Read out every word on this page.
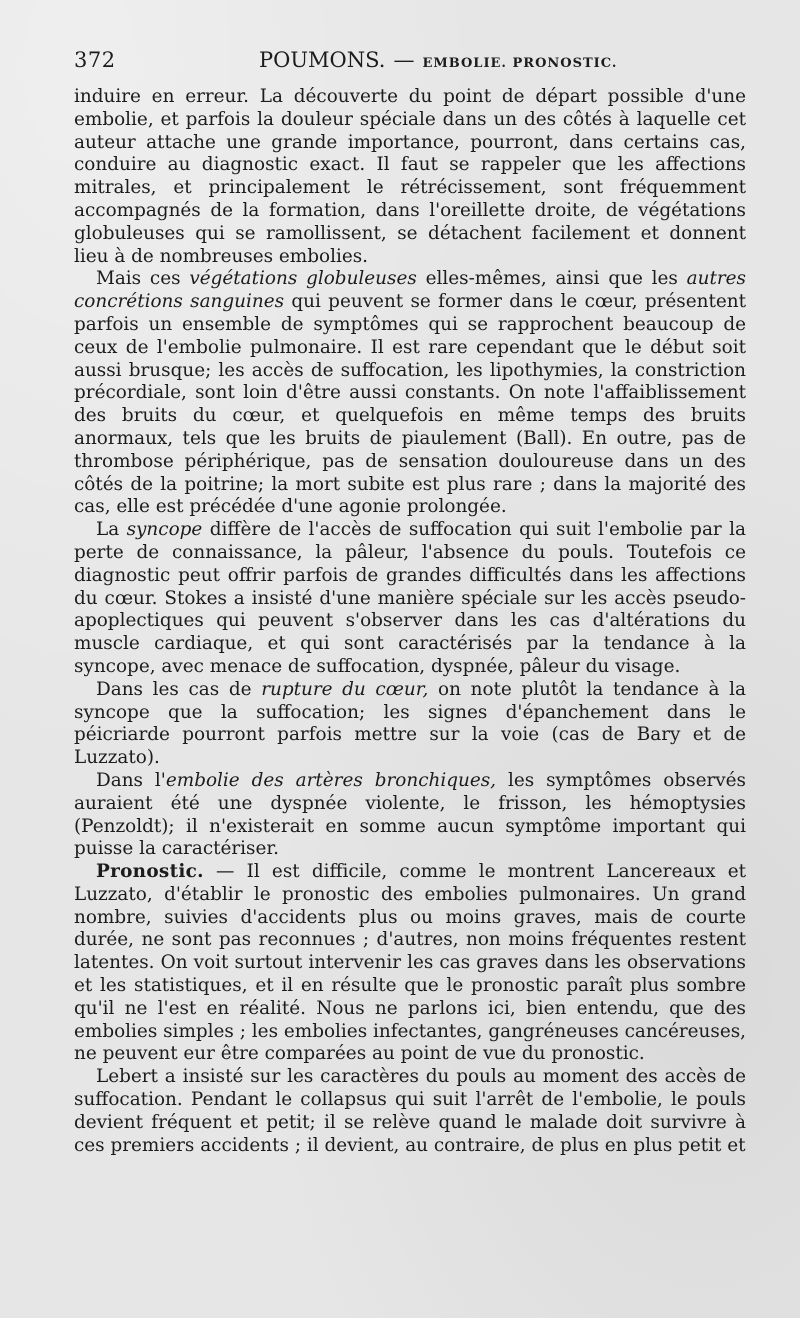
372	POUMONS. — EMBOLIE. PRONOSTIC.

induire en erreur. La découverte du point de départ possible d'une embolie, et parfois la douleur spéciale dans un des côtés à laquelle cet auteur attache une grande importance, pourront, dans certains cas, conduire au diagnostic exact. Il faut se rappeler que les affections mitrales, et principalement le rétrécissement, sont fréquemment accompagnés de la formation, dans l'oreillette droite, de végétations globuleuses qui se ramollissent, se détachent facilement et donnent lieu à de nombreuses embolies.

Mais ces végétations globuleuses elles-mêmes, ainsi que les autres concrétions sanguines qui peuvent se former dans le cœur, présentent parfois un ensemble de symptômes qui se rapprochent beaucoup de ceux de l'embolie pulmonaire. Il est rare cependant que le début soit aussi brusque; les accès de suffocation, les lipothymies, la constriction précordiale, sont loin d'être aussi constants. On note l'affaiblissement des bruits du cœur, et quelquefois en même temps des bruits anormaux, tels que les bruits de piaulement (Ball). En outre, pas de thrombose périphérique, pas de sensation douloureuse dans un des côtés de la poitrine; la mort subite est plus rare ; dans la majorité des cas, elle est précédée d'une agonie prolongée.

La syncope diffère de l'accès de suffocation qui suit l'embolie par la perte de connaissance, la pâleur, l'absence du pouls. Toutefois ce diagnostic peut offrir parfois de grandes difficultés dans les affections du cœur. Stokes a insisté d'une manière spéciale sur les accès pseudo-apoplectiques qui peuvent s'observer dans les cas d'altérations du muscle cardiaque, et qui sont caractérisés par la tendance à la syncope, avec menace de suffocation, dyspnée, pâleur du visage.

Dans les cas de rupture du cœur, on note plutôt la tendance à la syncope que la suffocation; les signes d'épanchement dans le péicriarde pourront parfois mettre sur la voie (cas de Bary et de Luzzato).

Dans l'embolie des artères bronchiques, les symptômes observés auraient été une dyspnée violente, le frisson, les hémoptysies (Penzoldt); il n'existerait en somme aucun symptôme important qui puisse la caractériser.

Pronostic. — Il est difficile, comme le montrent Lancereaux et Luzzato, d'établir le pronostic des embolies pulmonaires. Un grand nombre, suivies d'accidents plus ou moins graves, mais de courte durée, ne sont pas reconnues ; d'autres, non moins fréquentes restent latentes. On voit surtout intervenir les cas graves dans les observations et les statistiques, et il en résulte que le pronostic paraît plus sombre qu'il ne l'est en réalité. Nous ne parlons ici, bien entendu, que des embolies simples ; les embolies infectantes, gangréneuses cancéreuses, ne peuvent eur être comparées au point de vue du pronostic.

Lebert a insisté sur les caractères du pouls au moment des accès de suffocation. Pendant le collapsus qui suit l'arrêt de l'embolie, le pouls devient fréquent et petit; il se relève quand le malade doit survivre à ces premiers accidents ; il devient, au contraire, de plus en plus petit et
